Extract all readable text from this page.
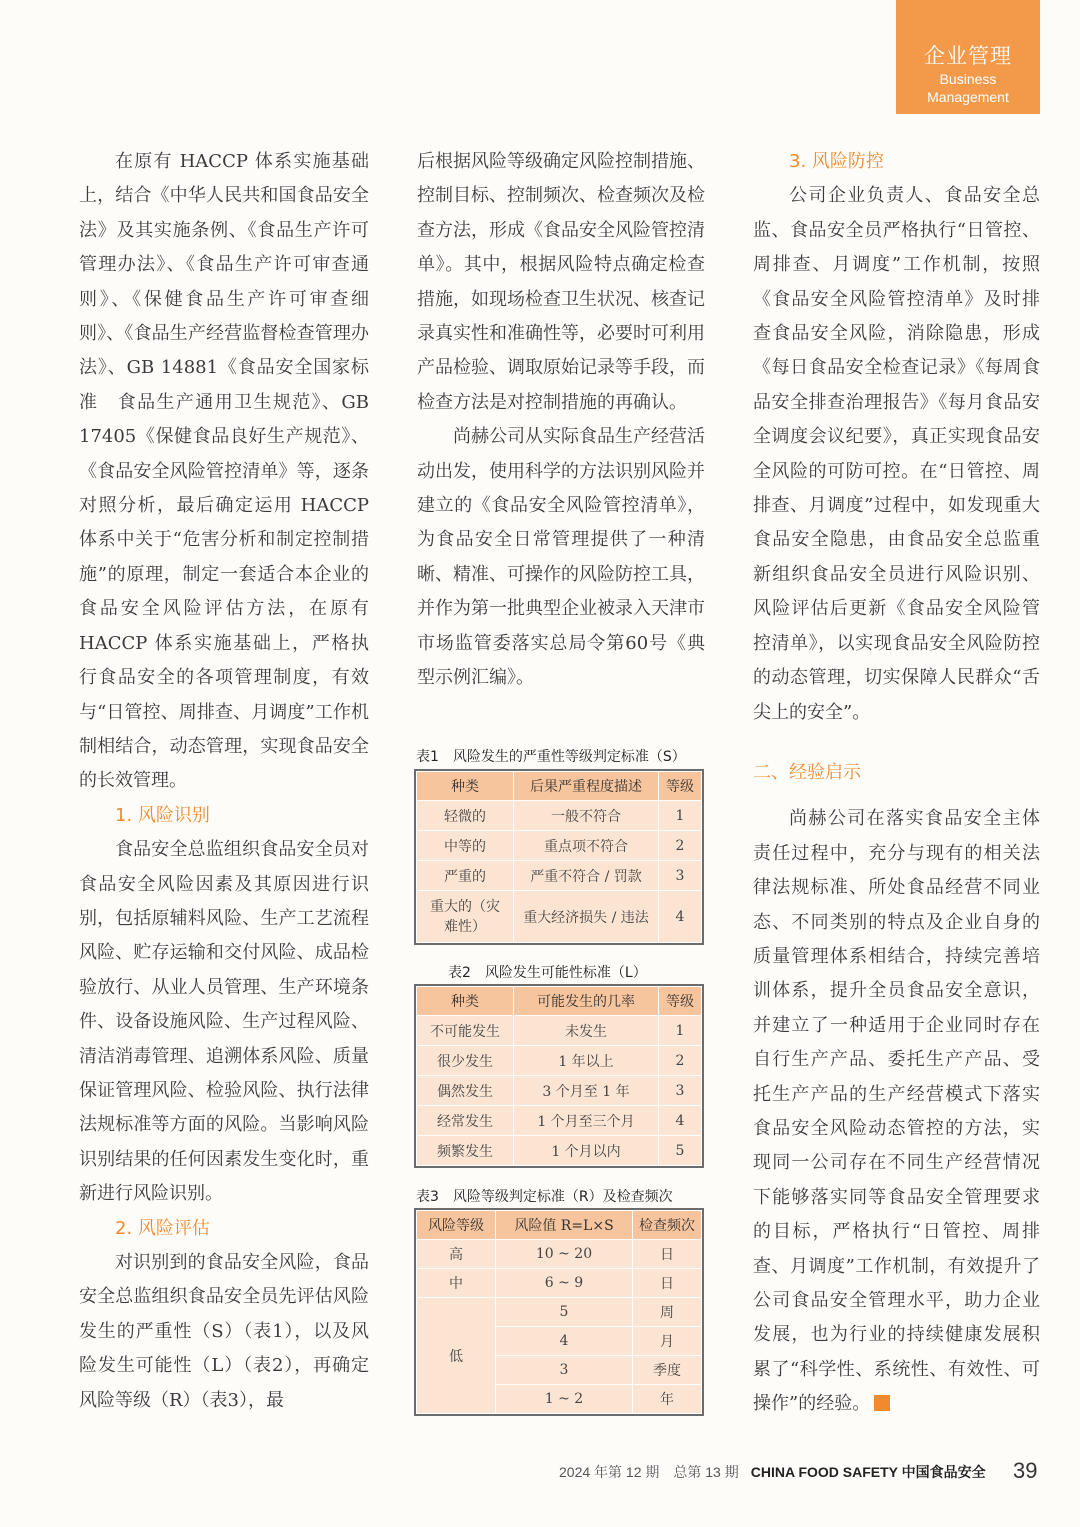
企业管理
Business
Management

在原有 HACCP 体系实施基础上，结合《中华人民共和国食品安全法》及其实施条例、《食品生产许可管理办法》、《食品生产许可审查通则》、《保健食品生产许可审查细则》、《食品生产经营监督检查管理办法》、GB 14881《食品安全国家标准　食品生产通用卫生规范》、GB 17405《保健食品良好生产规范》、《食品安全风险管控清单》等，逐条对照分析，最后确定运用 HACCP 体系中关于“危害分析和制定控制措施”的原理，制定一套适合本企业的食品安全风险评估方法，在原有 HACCP 体系实施基础上，严格执行食品安全的各项管理制度，有效与“日管控、周排查、月调度”工作机制相结合，动态管理，实现食品安全的长效管理。

1. 风险识别

食品安全总监组织食品安全员对食品安全风险因素及其原因进行识别，包括原辅料风险、生产工艺流程风险、贮存运输和交付风险、成品检验放行、从业人员管理、生产环境条件、设备设施风险、生产过程风险、清洁消毒管理、追溯体系风险、质量保证管理风险、检验风险、执行法律法规标准等方面的风险。当影响风险识别结果的任何因素发生变化时，重新进行风险识别。

2. 风险评估

对识别到的食品安全风险，食品安全总监组织食品安全员先评估风险发生的严重性（S）（表1），以及风险发生可能性（L）（表2），再确定风险等级（R）（表3），最

后根据风险等级确定风险控制措施、控制目标、控制频次、检查频次及检查方法，形成《食品安全风险管控清单》。其中，根据风险特点确定检查措施，如现场检查卫生状况、核查记录真实性和准确性等，必要时可利用产品检验、调取原始记录等手段，而检查方法是对控制措施的再确认。

尚赫公司从实际食品生产经营活动出发，使用科学的方法识别风险并建立的《食品安全风险管控清单》，为食品安全日常管理提供了一种清晰、精准、可操作的风险防控工具，并作为第一批典型企业被录入天津市市场监管委落实总局令第60号《典型示例汇编》。

表1　风险发生的严重性等级判定标准（S）
种类	后果严重程度描述	等级
轻微的	一般不符合	1
中等的	重点项不符合	2
严重的	严重不符合 / 罚款	3
重大的（灾难性）	重大经济损失 / 违法	4
表2　风险发生可能性标准（L）
种类	可能发生的几率	等级
不可能发生	未发生	1
很少发生	1 年以上	2
偶然发生	3 个月至 1 年	3
经常发生	1 个月至三个月	4
频繁发生	1 个月以内	5
表3　风险等级判定标准（R）及检查频次
风险等级	风险值 R=L×S	检查频次
高	10 ~ 20	日
中	6 ~ 9	日
低	5	周
	4	月
	3	季度
	1 ~ 2	年
3. 风险防控

公司企业负责人、食品安全总监、食品安全员严格执行“日管控、周排查、月调度”工作机制，按照《食品安全风险管控清单》及时排查食品安全风险，消除隐患，形成《每日食品安全检查记录》《每周食品安全排查治理报告》《每月食品安全调度会议纪要》，真正实现食品安全风险的可防可控。在“日管控、周排查、月调度”过程中，如发现重大食品安全隐患，由食品安全总监重新组织食品安全员进行风险识别、风险评估后更新《食品安全风险管控清单》，以实现食品安全风险防控的动态管理，切实保障人民群众“舌尖上的安全”。

二、经验启示

尚赫公司在落实食品安全主体责任过程中，充分与现有的相关法律法规标准、所处食品经营不同业态、不同类别的特点及企业自身的质量管理体系相结合，持续完善培训体系，提升全员食品安全意识，并建立了一种适用于企业同时存在自行生产产品、委托生产产品、受托生产产品的生产经营模式下落实食品安全风险动态管控的方法，实现同一公司存在不同生产经营情况下能够落实同等食品安全管理要求的目标，严格执行“日管控、周排查、月调度”工作机制，有效提升了公司食品安全管理水平，助力企业发展，也为行业的持续健康发展积累了“科学性、系统性、有效性、可操作”的经验。

2024 年第 12 期　总第 13 期 CHINA FOOD SAFETY 中国食品安全 39
